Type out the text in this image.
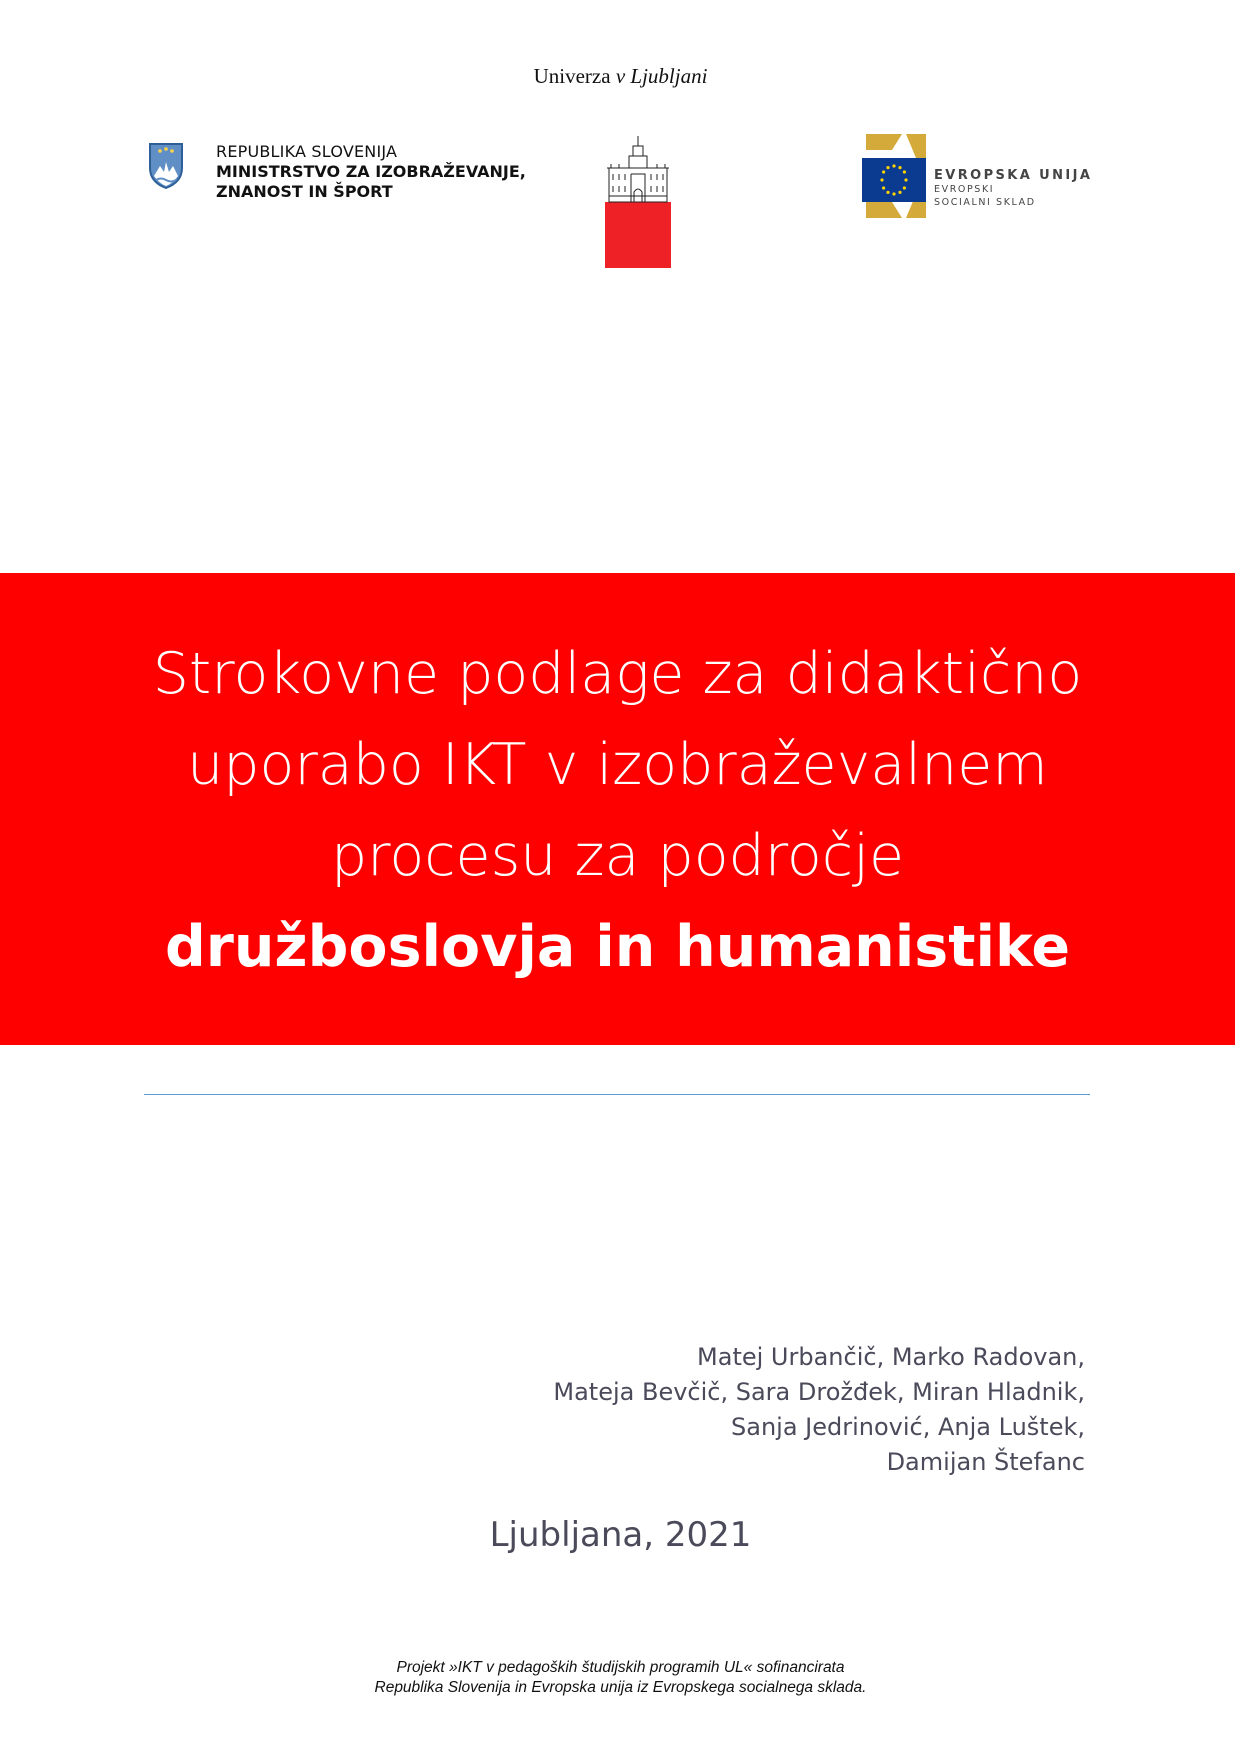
Univerza v Ljubljani
REPUBLIKA SLOVENIJA
MINISTRSTVO ZA IZOBRAŽEVANJE,
ZNANOST IN ŠPORT
EVROPSKA UNIJA
EVROPSKI
SOCIALNI SKLAD
Strokovne podlage za didaktično
uporabo IKT v izobraževalnem
procesu za področje
družboslovja in humanistike
Matej Urbančič, Marko Radovan,
Mateja Bevčič, Sara Drožđek, Miran Hladnik,
Sanja Jedrinović, Anja Luštek,
Damijan Štefanc
Ljubljana, 2021
Projekt »IKT v pedagoških študijskih programih UL« sofinancirata
Republika Slovenija in Evropska unija iz Evropskega socialnega sklada.
